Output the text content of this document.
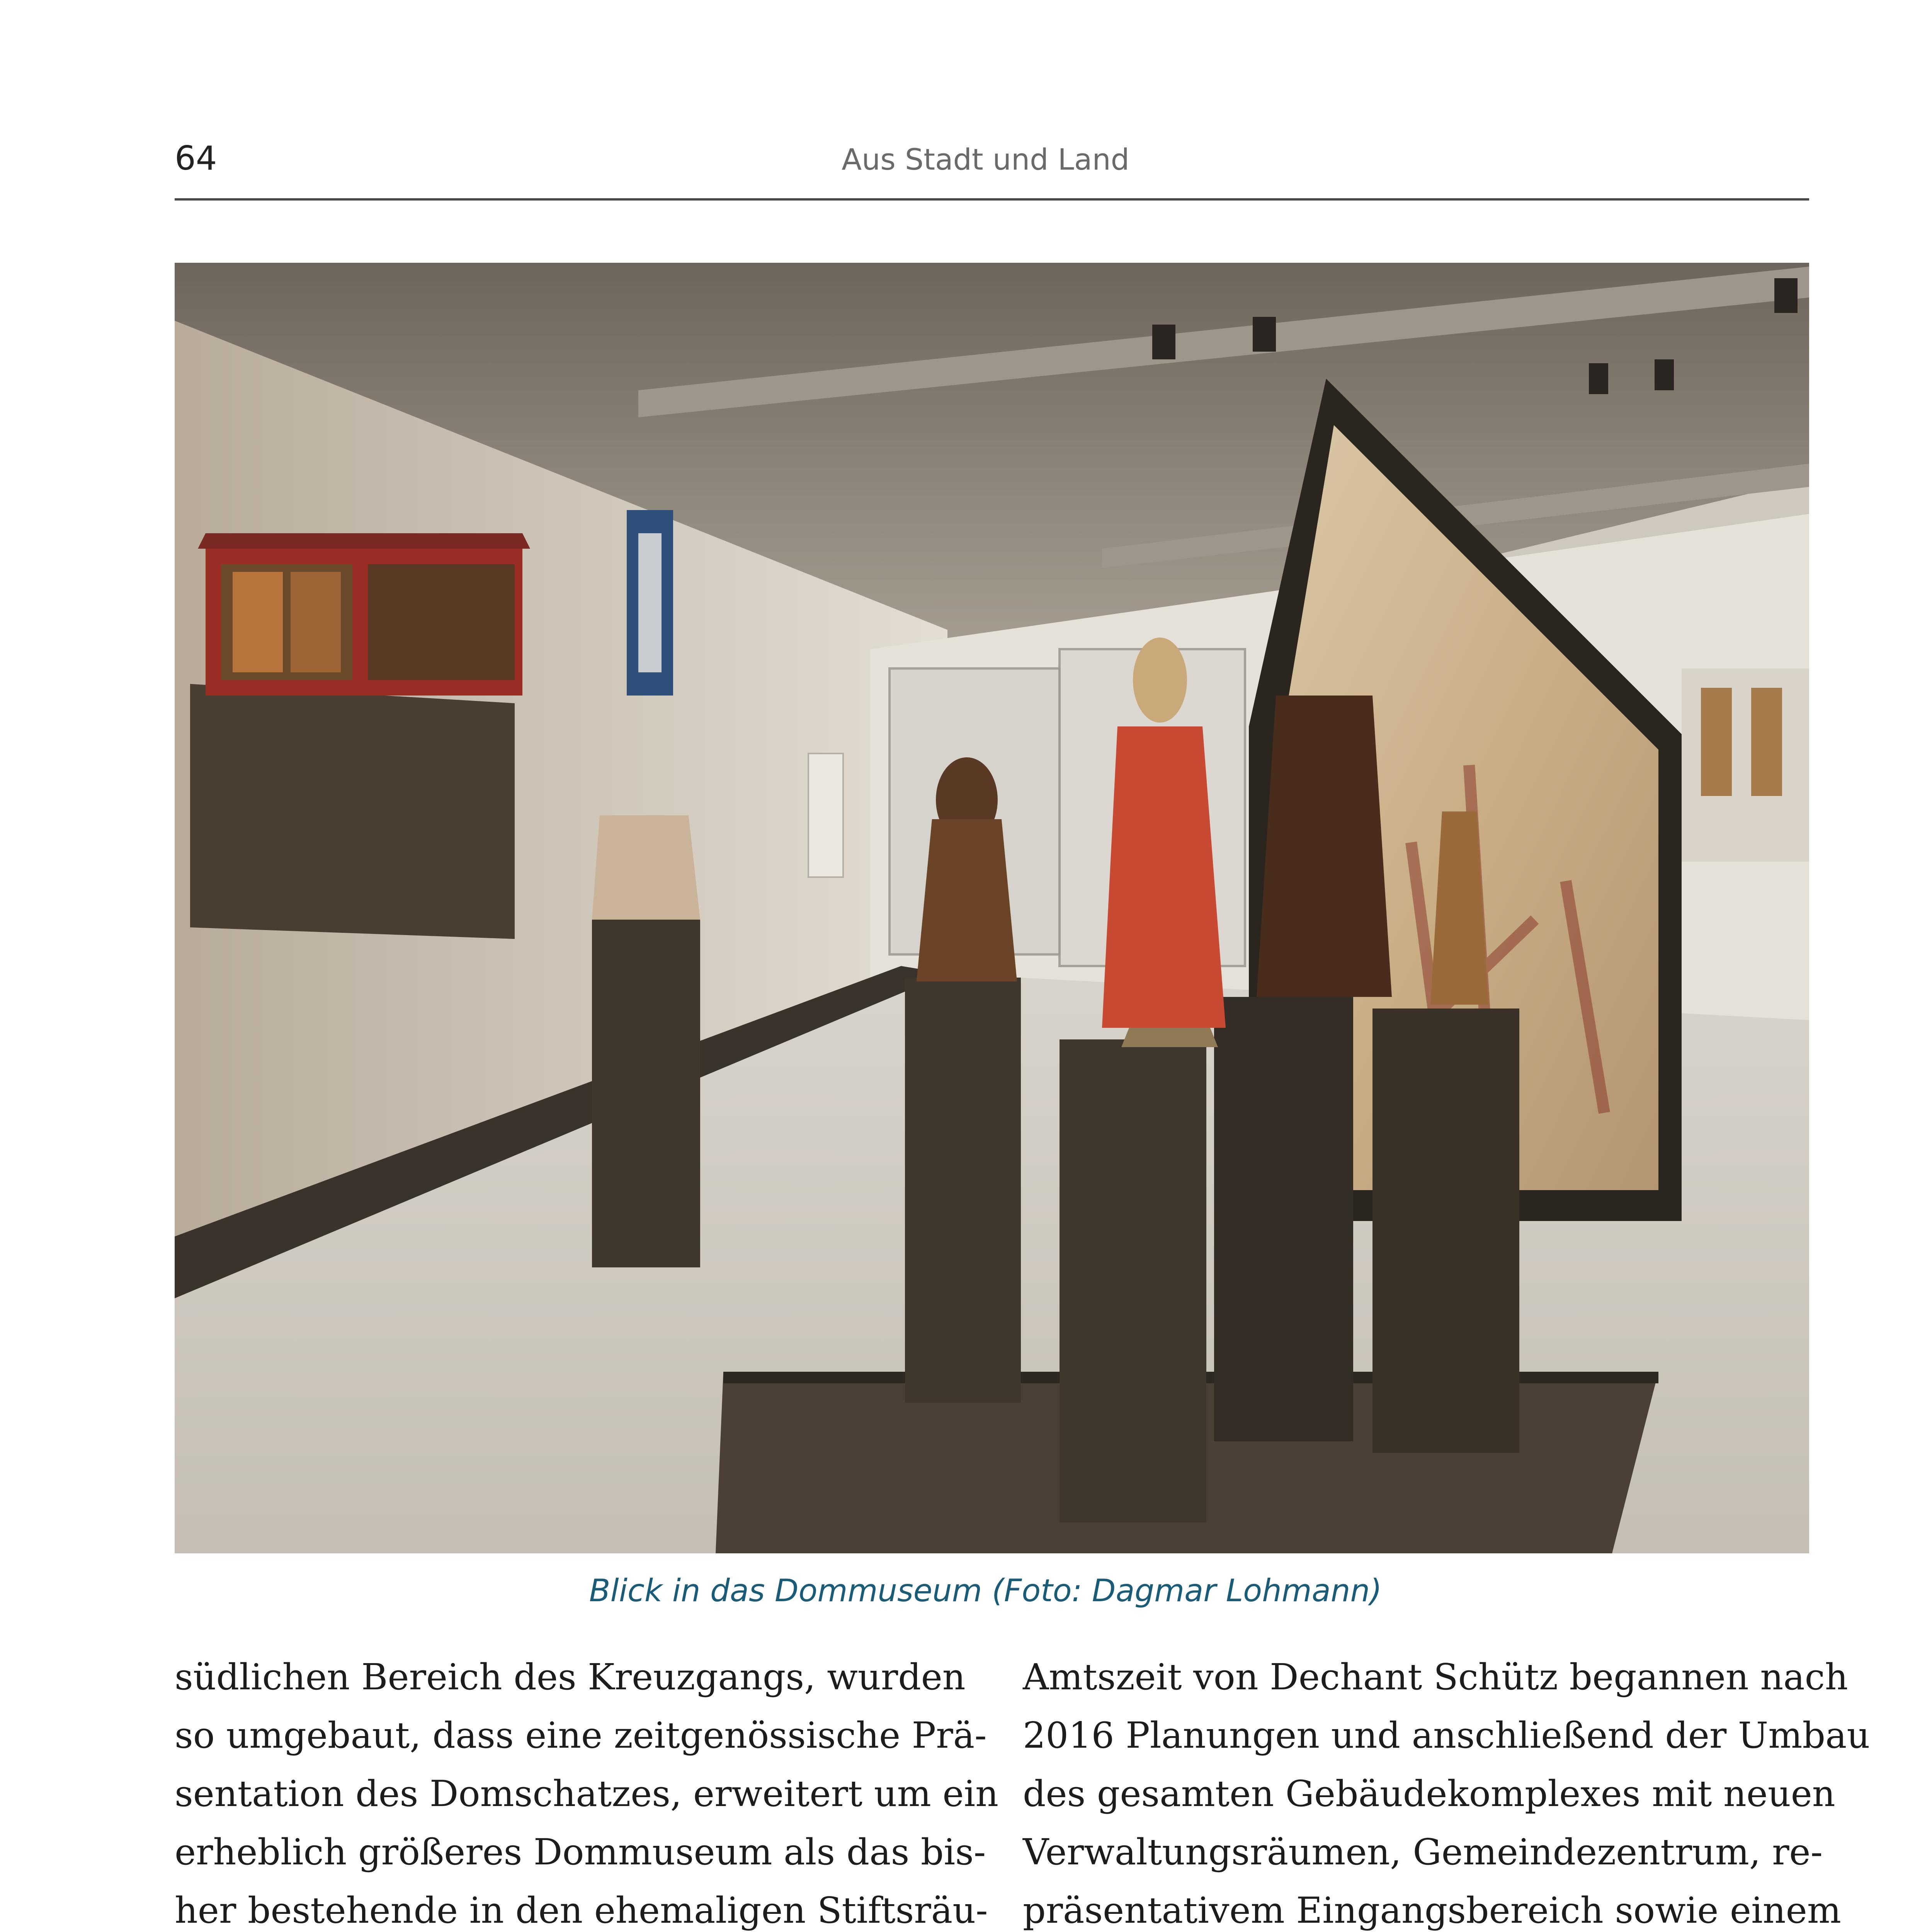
64	Aus Stadt und Land
Blick in das Dommuseum (Foto: Dagmar Lohmann)
südlichen Bereich des Kreuzgangs, wurden
so umgebaut, dass eine zeitgenössische Prä-
sentation des Domschatzes, erweitert um ein
erheblich größeres Dommuseum als das bis-
her bestehende in den ehemaligen Stiftsräu-
Amtszeit von Dechant Schütz begannen nach
2016 Planungen und anschließend der Umbau
des gesamten Gebäudekomplexes mit neuen
Verwaltungsräumen, Gemeindezentrum, re-
präsentativem Eingangsbereich sowie einem
